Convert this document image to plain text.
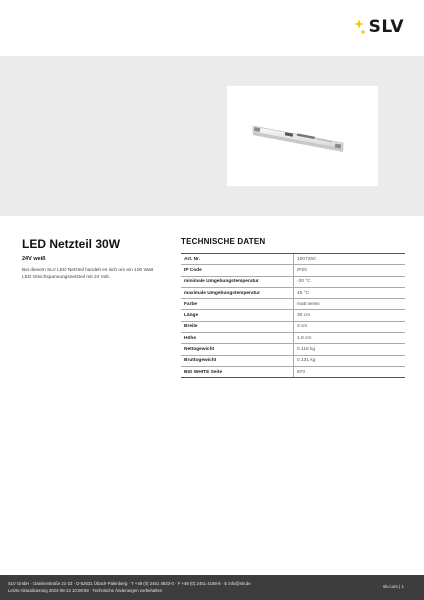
SLV
LED Netzteil 30W
24V weiß
Bei diesem SLV LED Netzteil handelt es sich um ein 100 Watt LED Gleichspannungsnetzteil mit 24 Volt.
TECHNISCHE DATEN
Art. Nr.	1007250
IP Code	IP20
minimale Umgebungstemperatur	-20 °C
maximale Umgebungstemperatur	45 °C
Farbe	matt weiss
Länge	30 cm
Breite	3 cm
Höhe	1.8 cm
Nettogewicht	0.118 kg
Bruttogewicht	0.131 kg
BIG WHITE Seite	870
SLV GmbH · Daimlerstraße 21-23 · D-52531 Übach-Palenberg · T +49 (0) 2451 4833-0 · F +49 (0) 2451 4188-8 · E info@slv.de
Letzte Aktualisierung 2024-08-13 10:08:59 · Technische Änderungen vorbehalten
slv.com | 1
